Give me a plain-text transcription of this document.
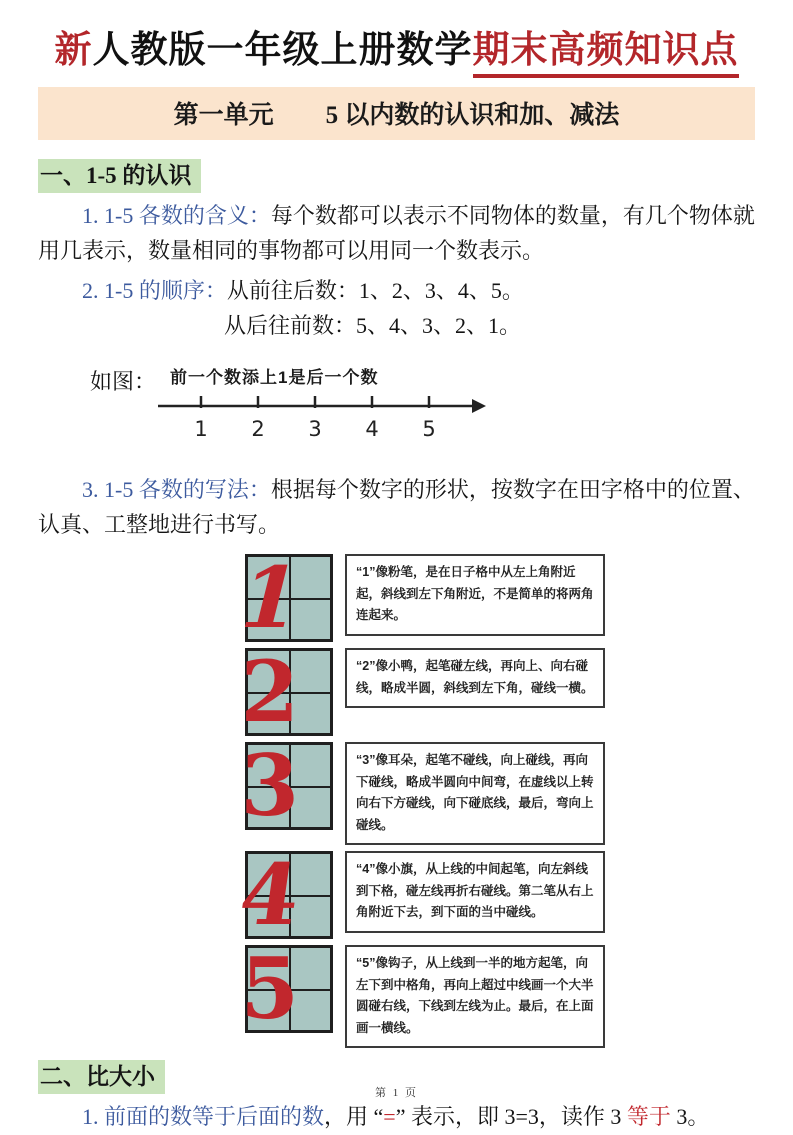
新人教版一年级上册数学期末高频知识点
第一单元 5 以内数的认识和加、减法
一、1-5 的认识

1. 1-5 各数的含义：每个数都可以表示不同物体的数量，有几个物体就用几表示，数量相同的事物都可以用同一个数表示。

2. 1-5 的顺序：从前往后数：1、2、3、4、5。

从后往前数：5、4、3、2、1。

如图： 前一个数添上1是后一个数
1 2 3 4 5

3. 1-5 各数的写法：根据每个数字的形状，按数字在田字格中的位置、认真、工整地进行书写。

1	“1”像粉笔，是在日子格中从左上角附近起，斜线到左下角附近，不是简单的将两角连起来。
2	“2”像小鸭，起笔碰左线，再向上、向右碰线，略成半圆，斜线到左下角，碰线一横。
3	“3”像耳朵，起笔不碰线，向上碰线，再向下碰线，略成半圆向中间弯，在虚线以上转向右下方碰线，向下碰底线，最后，弯向上碰线。
4	“4”像小旗，从上线的中间起笔，向左斜线到下格，碰左线再折右碰线。第二笔从右上角附近下去，到下面的当中碰线。
5	“5”像钩子，从上线到一半的地方起笔，向左下到中格角，再向上超过中线画一个大半圆碰右线，下线到左线为止。最后，在上面画一横线。
二、比大小

1. 前面的数等于后面的数，用 “=” 表示，即 3=3，读作 3 等于 3。

第 1 页
